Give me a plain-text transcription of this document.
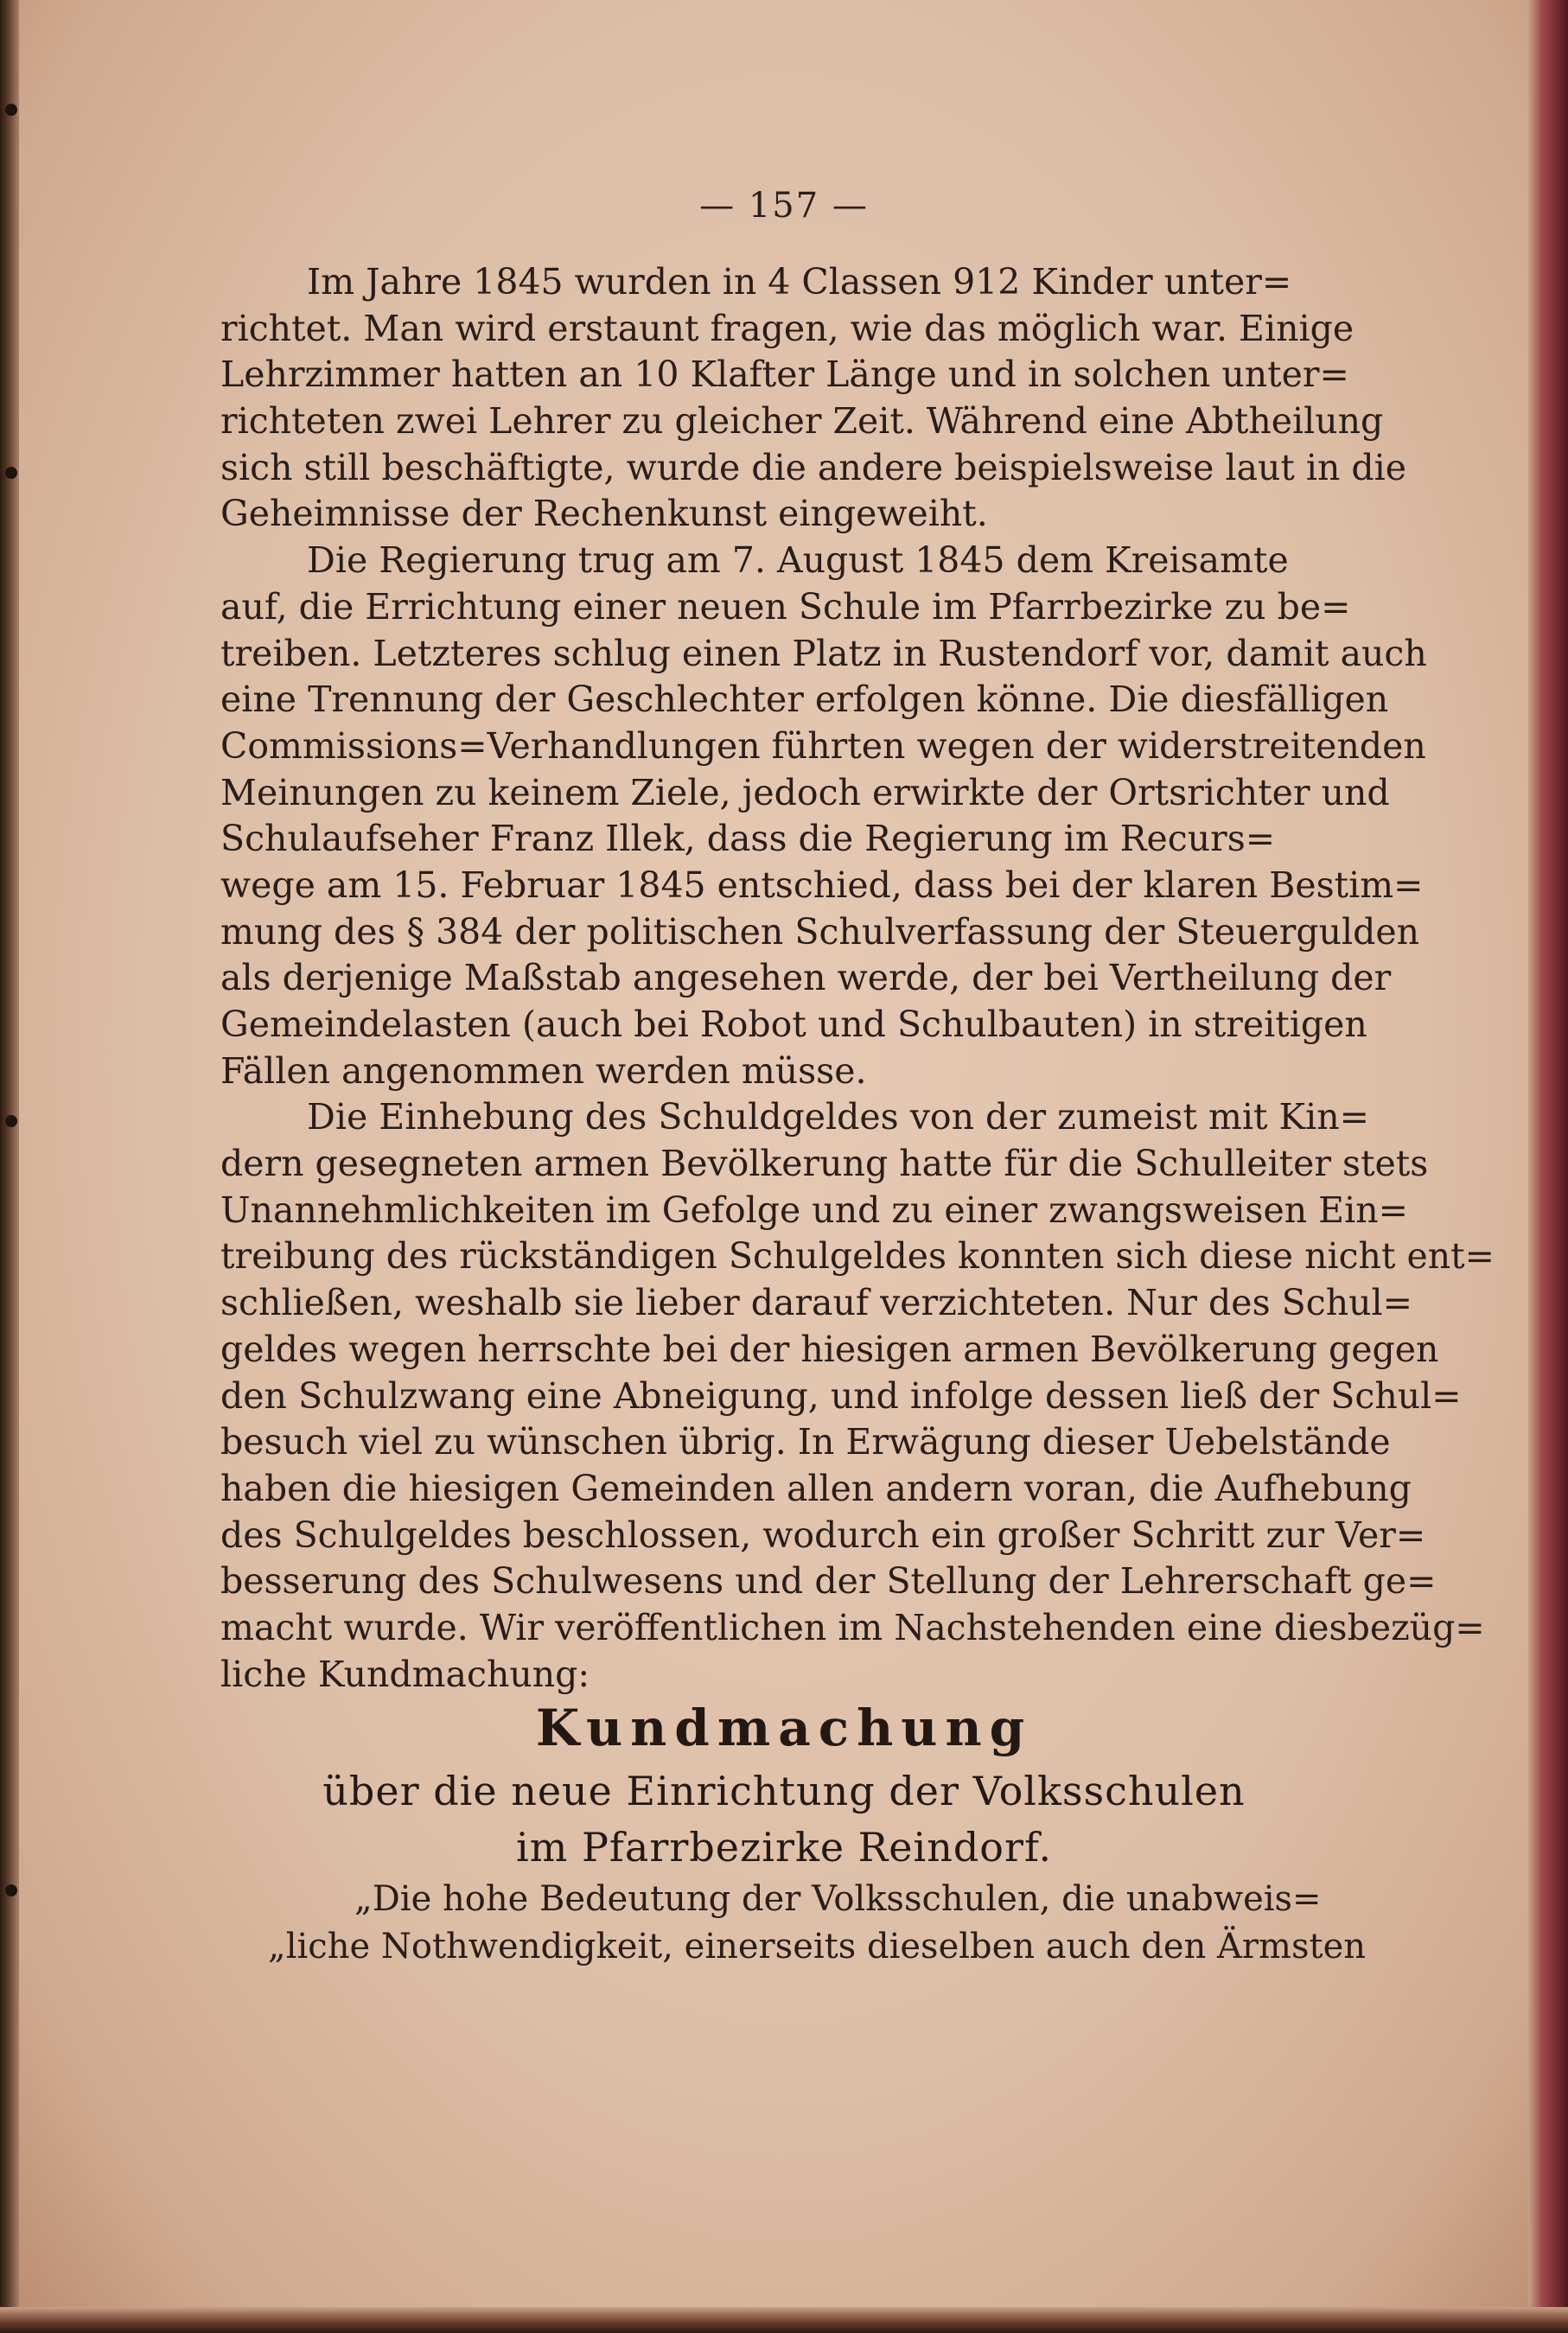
— 157 —
Im Jahre 1845 wurden in 4 Classen 912 Kinder unter=
richtet. Man wird erstaunt fragen, wie das möglich war. Einige
Lehrzimmer hatten an 10 Klafter Länge und in solchen unter=
richteten zwei Lehrer zu gleicher Zeit. Während eine Abtheilung
sich still beschäftigte, wurde die andere beispielsweise laut in die
Geheimnisse der Rechenkunst eingeweiht.
Die Regierung trug am 7. August 1845 dem Kreisamte
auf, die Errichtung einer neuen Schule im Pfarrbezirke zu be=
treiben. Letzteres schlug einen Platz in Rustendorf vor, damit auch
eine Trennung der Geschlechter erfolgen könne. Die diesfälligen
Commissions=Verhandlungen führten wegen der widerstreitenden
Meinungen zu keinem Ziele, jedoch erwirkte der Ortsrichter und
Schulaufseher Franz Illek, dass die Regierung im Recurs=
wege am 15. Februar 1845 entschied, dass bei der klaren Bestim=
mung des § 384 der politischen Schulverfassung der Steuergulden
als derjenige Maßstab angesehen werde, der bei Vertheilung der
Gemeindelasten (auch bei Robot und Schulbauten) in streitigen
Fällen angenommen werden müsse.
Die Einhebung des Schuldgeldes von der zumeist mit Kin=
dern gesegneten armen Bevölkerung hatte für die Schulleiter stets
Unannehmlichkeiten im Gefolge und zu einer zwangsweisen Ein=
treibung des rückständigen Schulgeldes konnten sich diese nicht ent=
schließen, weshalb sie lieber darauf verzichteten. Nur des Schul=
geldes wegen herrschte bei der hiesigen armen Bevölkerung gegen
den Schulzwang eine Abneigung, und infolge dessen ließ der Schul=
besuch viel zu wünschen übrig. In Erwägung dieser Uebelstände
haben die hiesigen Gemeinden allen andern voran, die Aufhebung
des Schulgeldes beschlossen, wodurch ein großer Schritt zur Ver=
besserung des Schulwesens und der Stellung der Lehrerschaft ge=
macht wurde. Wir veröffentlichen im Nachstehenden eine diesbezüg=
liche Kundmachung:
Kundmachung
über die neue Einrichtung der Volksschulen
im Pfarrbezirke Reindorf.
„Die hohe Bedeutung der Volksschulen, die unabweis=
„liche Nothwendigkeit, einerseits dieselben auch den Ärmsten
